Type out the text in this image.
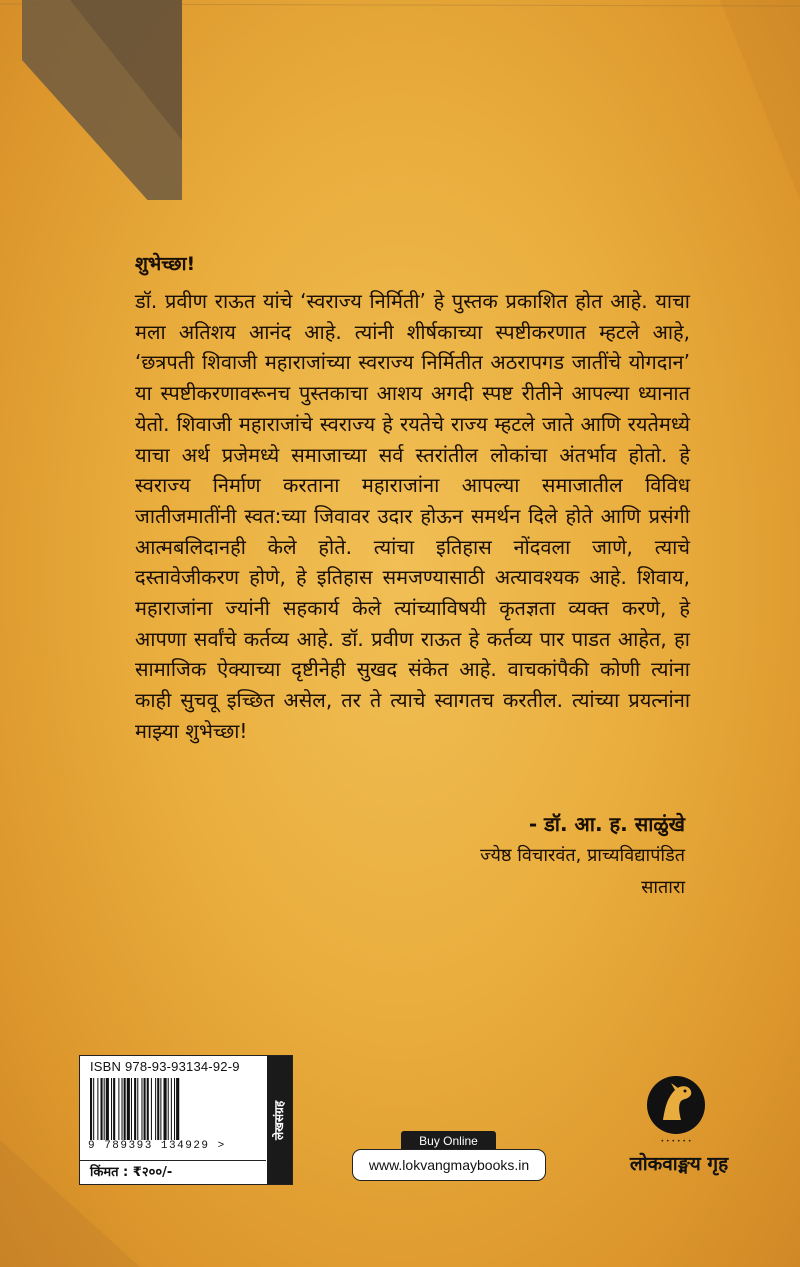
शुभेच्छा!

डॉ. प्रवीण राऊत यांचे ‘स्वराज्य निर्मिती’ हे पुस्तक प्रकाशित होत आहे. याचा मला अतिशय आनंद आहे. त्यांनी शीर्षकाच्या स्पष्टीकरणात म्हटले आहे, ‘छत्रपती शिवाजी महाराजांच्या स्वराज्य निर्मितीत अठरापगड जातींचे योगदान’ या स्पष्टीकरणावरूनच पुस्तकाचा आशय अगदी स्पष्ट रीतीने आपल्या ध्यानात येतो. शिवाजी महाराजांचे स्वराज्य हे रयतेचे राज्य म्हटले जाते आणि रयतेमध्ये याचा अर्थ प्रजेमध्ये समाजाच्या सर्व स्तरांतील लोकांचा अंतर्भाव होतो. हे स्वराज्य निर्माण करताना महाराजांना आपल्या समाजातील विविध जातीजमातींनी स्वत:च्या जिवावर उदार होऊन समर्थन दिले होते आणि प्रसंगी आत्मबलिदानही केले होते. त्यांचा इतिहास नोंदवला जाणे, त्याचे दस्तावेजीकरण होणे, हे इतिहास समजण्यासाठी अत्यावश्यक आहे. शिवाय, महाराजांना ज्यांनी सहकार्य केले त्यांच्याविषयी कृतज्ञता व्यक्त करणे, हे आपणा सर्वांचे कर्तव्य आहे. डॉ. प्रवीण राऊत हे कर्तव्य पार पाडत आहेत, हा सामाजिक ऐक्याच्या दृष्टीनेही सुखद संकेत आहे. वाचकांपैकी कोणी त्यांना काही सुचवू इच्छित असेल, तर ते त्याचे स्वागतच करतील. त्यांच्या प्रयत्नांना माझ्या शुभेच्छा!

- डॉ. आ. ह. साळुंखे
ज्येष्ठ विचारवंत, प्राच्यविद्यापंडित
सातारा
ISBN 978-93-93134-92-9
9 789393 134929 >
किंमत : ₹२००/-
लेखसंग्रह
Buy Online
www.lokvangmaybooks.in
• • • • • •
लोकवाङ्मय गृह
